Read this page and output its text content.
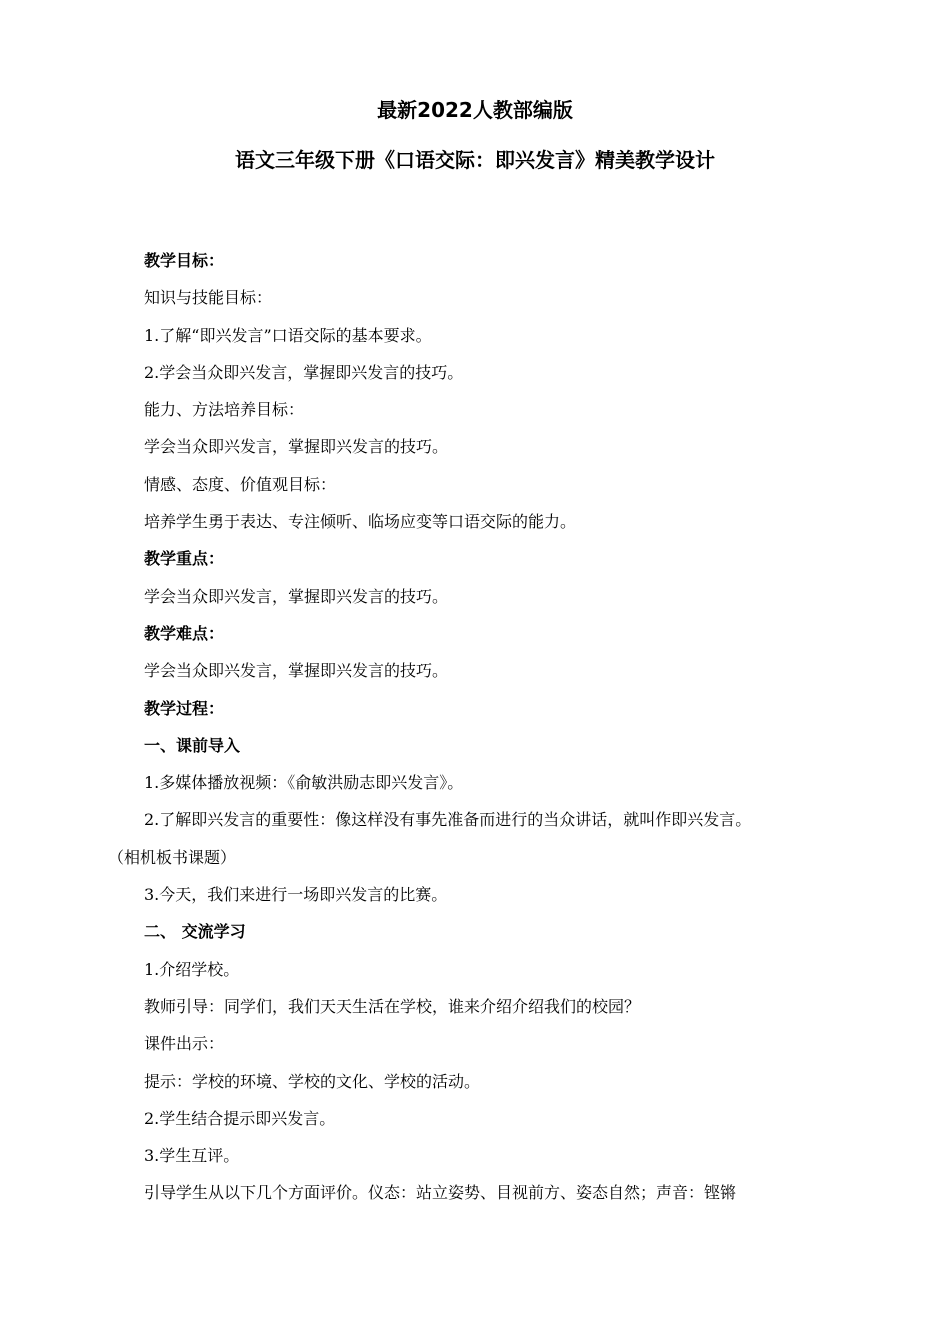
最新2022人教部编版
语文三年级下册《口语交际：即兴发言》精美教学设计

教学目标：

知识与技能目标：

1.了解“即兴发言”口语交际的基本要求。

2.学会当众即兴发言，掌握即兴发言的技巧。

能力、方法培养目标：

学会当众即兴发言，掌握即兴发言的技巧。

情感、态度、价值观目标：

培养学生勇于表达、专注倾听、临场应变等口语交际的能力。

教学重点：

学会当众即兴发言，掌握即兴发言的技巧。

教学难点：

学会当众即兴发言，掌握即兴发言的技巧。

教学过程：

一、课前导入

1.多媒体播放视频：《俞敏洪励志即兴发言》。

2.了解即兴发言的重要性：像这样没有事先准备而进行的当众讲话，就叫作即兴发言。

（相机板书课题）

3.今天，我们来进行一场即兴发言的比赛。

二、 交流学习

1.介绍学校。

教师引导：同学们，我们天天生活在学校，谁来介绍介绍我们的校园？

课件出示：

提示：学校的环境、学校的文化、学校的活动。

2.学生结合提示即兴发言。

3.学生互评。

引导学生从以下几个方面评价。仪态：站立姿势、目视前方、姿态自然；声音：铿锵
